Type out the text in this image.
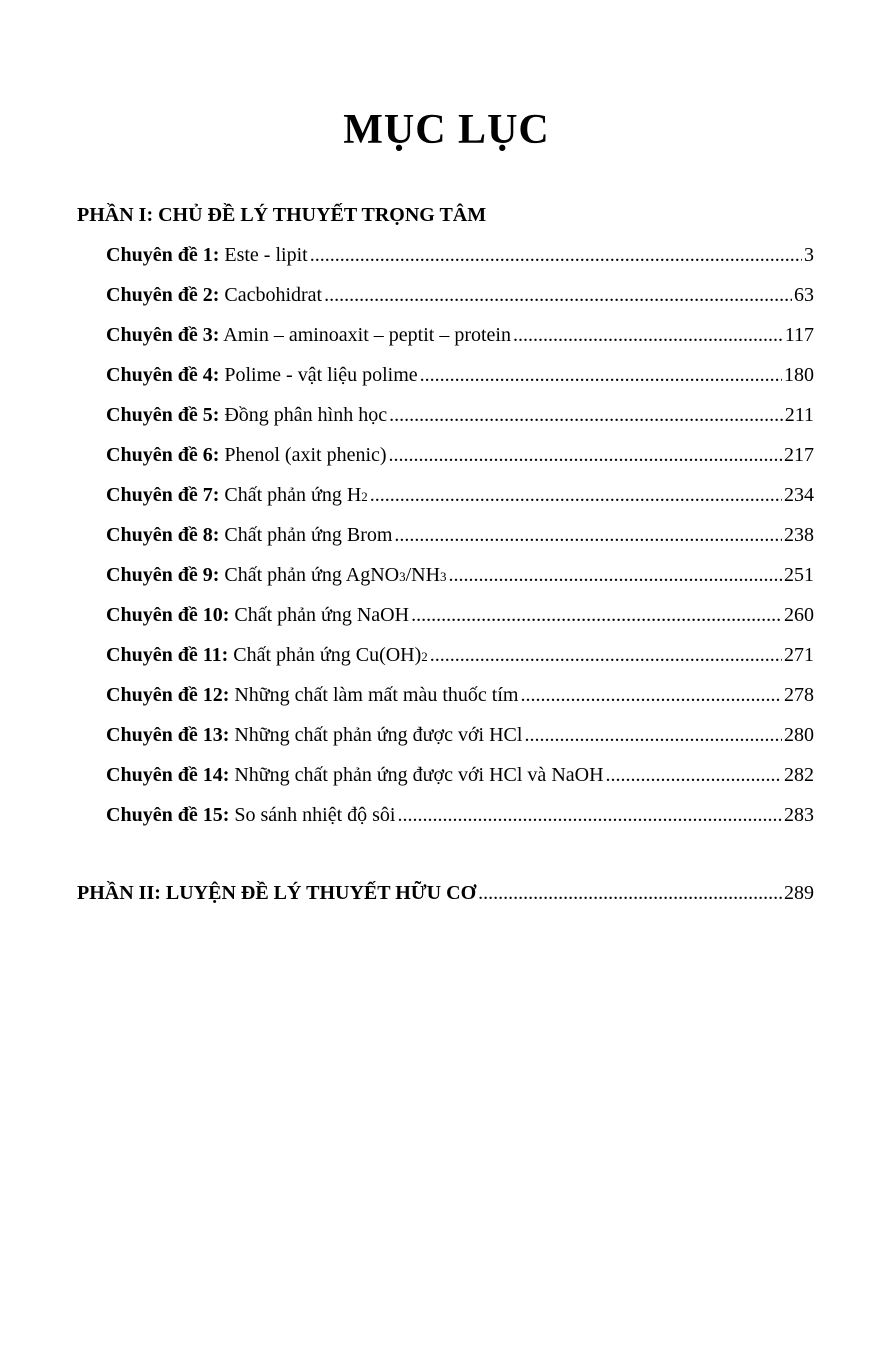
MỤC LỤC
PHẦN I: CHỦ ĐỀ LÝ THUYẾT TRỌNG TÂM
Chuyên đề 1: Este - lipit .....	3
Chuyên đề 2: Cacbohidrat .....	63
Chuyên đề 3: Amin – aminoaxit – peptit – protein .....	117
Chuyên đề 4: Polime - vật liệu polime .....	180
Chuyên đề 5: Đồng phân hình học .....	211
Chuyên đề 6: Phenol (axit phenic) .....	217
Chuyên đề 7: Chất phản ứng H 2 .....	234
Chuyên đề 8: Chất phản ứng Brom .....	238
Chuyên đề 9: Chất phản ứng AgNO 3 /NH 3 .....	251
Chuyên đề 10: Chất phản ứng NaOH .....	260
Chuyên đề 11: Chất phản ứng Cu(OH) 2 .....	271
Chuyên đề 12: Những chất làm mất màu thuốc tím .....	278
Chuyên đề 13: Những chất phản ứng được với HCl .....	280
Chuyên đề 14: Những chất phản ứng được với HCl và NaOH .....	282
Chuyên đề 15: So sánh nhiệt độ sôi .....	283
PHẦN II: LUYỆN ĐỀ LÝ THUYẾT HỮU CƠ .....	289
